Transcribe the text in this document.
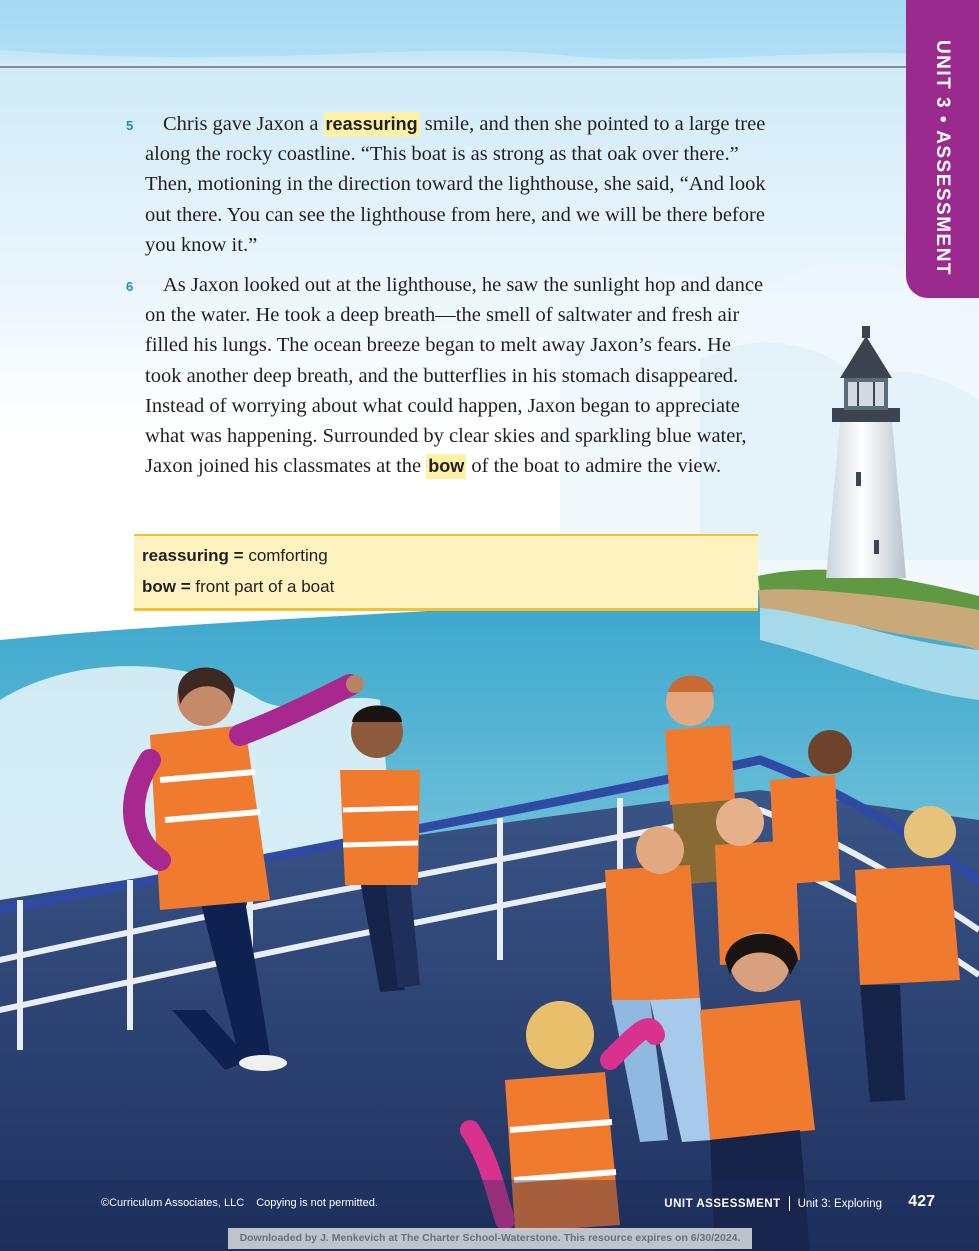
UNIT 3 • ASSESSMENT
5	Chris gave Jaxon a reassuring smile, and then she pointed to a large tree along the rocky coastline. “This boat is as strong as that oak over there.” Then, motioning in the direction toward the lighthouse, she said, “And look out there. You can see the lighthouse from here, and we will be there before you know it.”

6	As Jaxon looked out at the lighthouse, he saw the sunlight hop and dance on the water. He took a deep breath—the smell of saltwater and fresh air filled his lungs. The ocean breeze began to melt away Jaxon’s fears. He took another deep breath, and the butterflies in his stomach disappeared. Instead of worrying about what could happen, Jaxon began to appreciate what was happening. Surrounded by clear skies and sparkling blue water, Jaxon joined his classmates at the bow of the boat to admire the view.

reassuring = comforting
bow = front part of a boat
©Curriculum Associates, LLC Copying is not permitted.	UNIT ASSESSMENT Unit 3: Exploring 427
Downloaded by J. Menkevich at The Charter School-Waterstone. This resource expires on 6/30/2024.
